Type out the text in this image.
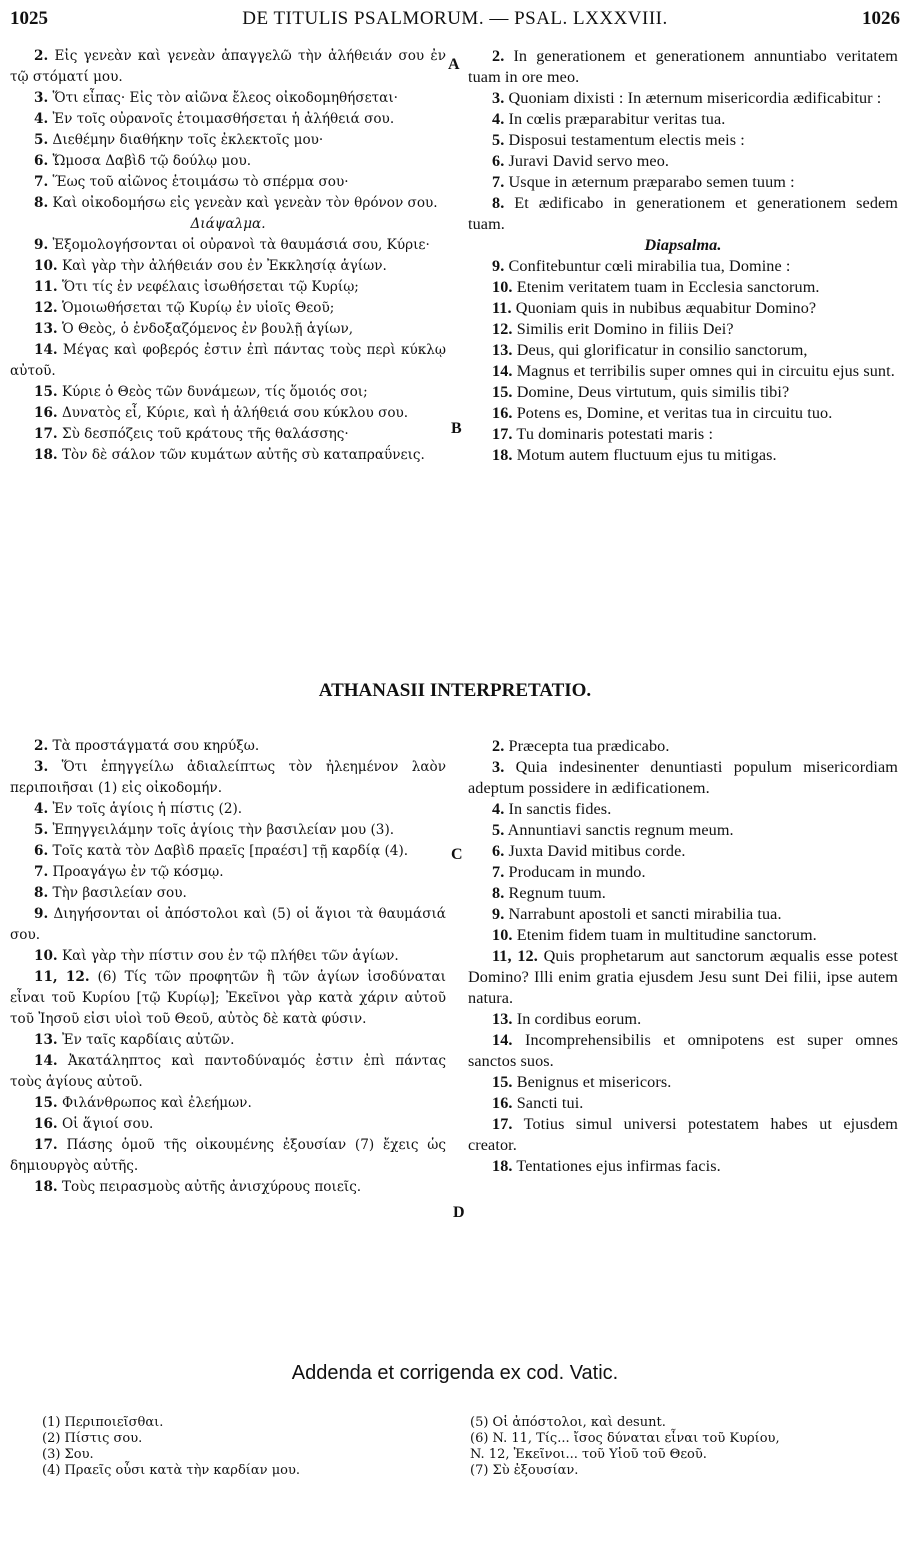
1025	DE TITULIS PSALMORUM. — PSAL. LXXXVIII.	1026

2. Εἰς γενεὰν καὶ γενεὰν ἀπαγγελῶ τὴν ἀλήθειάν σου ἐν τῷ στόματί μου.

3. Ὅτι εἶπας· Εἰς τὸν αἰῶνα ἔλεος οἰκοδομηθήσεται·

4. Ἐν τοῖς οὐρανοῖς ἑτοιμασθήσεται ἡ ἀλήθειά σου.

5. Διεθέμην διαθήκην τοῖς ἐκλεκτοῖς μου·

6. Ὤμοσα Δαβὶδ τῷ δούλῳ μου.

7. Ἕως τοῦ αἰῶνος ἑτοιμάσω τὸ σπέρμα σου·

8. Καὶ οἰκοδομήσω εἰς γενεὰν καὶ γενεὰν τὸν θρόνον σου.

Διάψαλμα.

9. Ἐξομολογήσονται οἱ οὐρανοὶ τὰ θαυμάσιά σου, Κύριε·

10. Καὶ γὰρ τὴν ἀλήθειάν σου ἐν Ἐκκλησίᾳ ἁγίων.

11. Ὅτι τίς ἐν νεφέλαις ἰσωθήσεται τῷ Κυρίῳ;

12. Ὁμοιωθήσεται τῷ Κυρίῳ ἐν υἱοῖς Θεοῦ;

13. Ὁ Θεὸς, ὁ ἐνδοξαζόμενος ἐν βουλῇ ἁγίων,

14. Μέγας καὶ φοβερός ἐστιν ἐπὶ πάντας τοὺς περὶ κύκλῳ αὐτοῦ.

15. Κύριε ὁ Θεὸς τῶν δυνάμεων, τίς ὅμοιός σοι;

16. Δυνατὸς εἶ, Κύριε, καὶ ἡ ἀλήθειά σου κύκλου σου.

17. Σὺ δεσπόζεις τοῦ κράτους τῆς θαλάσσης·

18. Τὸν δὲ σάλον τῶν κυμάτων αὐτῆς σὺ καταπραΰνεις.

2. In generationem et generationem annuntiabo veritatem tuam in ore meo.

3. Quoniam dixisti : In æternum misericordia ædificabitur :

4. In cœlis præparabitur veritas tua.

5. Disposui testamentum electis meis :

6. Juravi David servo meo.

7. Usque in æternum præparabo semen tuum :

8. Et ædificabo in generationem et generationem sedem tuam.

Diapsalma.

9. Confitebuntur cœli mirabilia tua, Domine :

10. Etenim veritatem tuam in Ecclesia sanctorum.

11. Quoniam quis in nubibus æquabitur Domino?

12. Similis erit Domino in filiis Dei?

13. Deus, qui glorificatur in consilio sanctorum,

14. Magnus et terribilis super omnes qui in circuitu ejus sunt.

15. Domine, Deus virtutum, quis similis tibi?

16. Potens es, Domine, et veritas tua in circuitu tuo.

17. Tu dominaris potestati maris :

18. Motum autem fluctuum ejus tu mitigas.

A
B
ATHANASII INTERPRETATIO.

2. Τὰ προστάγματά σου κηρύξω.

3. Ὅτι ἐπηγγείλω ἀδιαλείπτως τὸν ἠλεημένον λαὸν περιποιῆσαι (1) εἰς οἰκοδομήν.

4. Ἐν τοῖς ἁγίοις ἡ πίστις (2).

5. Ἐπηγγειλάμην τοῖς ἁγίοις τὴν βασιλείαν μου (3).

6. Τοῖς κατὰ τὸν Δαβὶδ πραεῖς [πραέσι] τῇ καρδίᾳ (4).

7. Προαγάγω ἐν τῷ κόσμῳ.

8. Τὴν βασιλείαν σου.

9. Διηγήσονται οἱ ἀπόστολοι καὶ (5) οἱ ἅγιοι τὰ θαυμάσιά σου.

10. Καὶ γὰρ τὴν πίστιν σου ἐν τῷ πλήθει τῶν ἁγίων.

11, 12. (6) Τίς τῶν προφητῶν ἢ τῶν ἁγίων ἰσοδύναται εἶναι τοῦ Κυρίου [τῷ Κυρίῳ]; Ἐκεῖνοι γὰρ κατὰ χάριν αὐτοῦ τοῦ Ἰησοῦ εἰσι υἱοὶ τοῦ Θεοῦ, αὐτὸς δὲ κατὰ φύσιν.

13. Ἐν ταῖς καρδίαις αὐτῶν.

14. Ἀκατάληπτος καὶ παντοδύναμός ἐστιν ἐπὶ πάντας τοὺς ἁγίους αὐτοῦ.

15. Φιλάνθρωπος καὶ ἐλεήμων.

16. Οἱ ἅγιοί σου.

17. Πάσης ὁμοῦ τῆς οἰκουμένης ἐξουσίαν (7) ἔχεις ὡς δημιουργὸς αὐτῆς.

18. Τοὺς πειρασμοὺς αὐτῆς ἀνισχύρους ποιεῖς.

2. Præcepta tua prædicabo.

3. Quia indesinenter denuntiasti populum misericordiam adeptum possidere in ædificationem.

4. In sanctis fides.

5. Annuntiavi sanctis regnum meum.

6. Juxta David mitibus corde.

7. Producam in mundo.

8. Regnum tuum.

9. Narrabunt apostoli et sancti mirabilia tua.

10. Etenim fidem tuam in multitudine sanctorum.

11, 12. Quis prophetarum aut sanctorum æqualis esse potest Domino? Illi enim gratia ejusdem Jesu sunt Dei filii, ipse autem natura.

13. In cordibus eorum.

14. Incomprehensibilis et omnipotens est super omnes sanctos suos.

15. Benignus et misericors.

16. Sancti tui.

17. Totius simul universi potestatem habes ut ejusdem creator.

18. Tentationes ejus infirmas facis.

C
D
Addenda et corrigenda ex cod. Vatic.

(1) Περιποιεῖσθαι.

(2) Πίστις σου.

(3) Σου.

(4) Πραεῖς οὖσι κατὰ τὴν καρδίαν μου.

(5) Οἱ ἀπόστολοι, καὶ desunt.

(6) N. 11, Τίς... ἴσος δύναται εἶναι τοῦ Κυρίου,

N. 12, Ἐκεῖνοι... τοῦ Υἱοῦ τοῦ Θεοῦ.

(7) Σὺ ἐξουσίαν.
